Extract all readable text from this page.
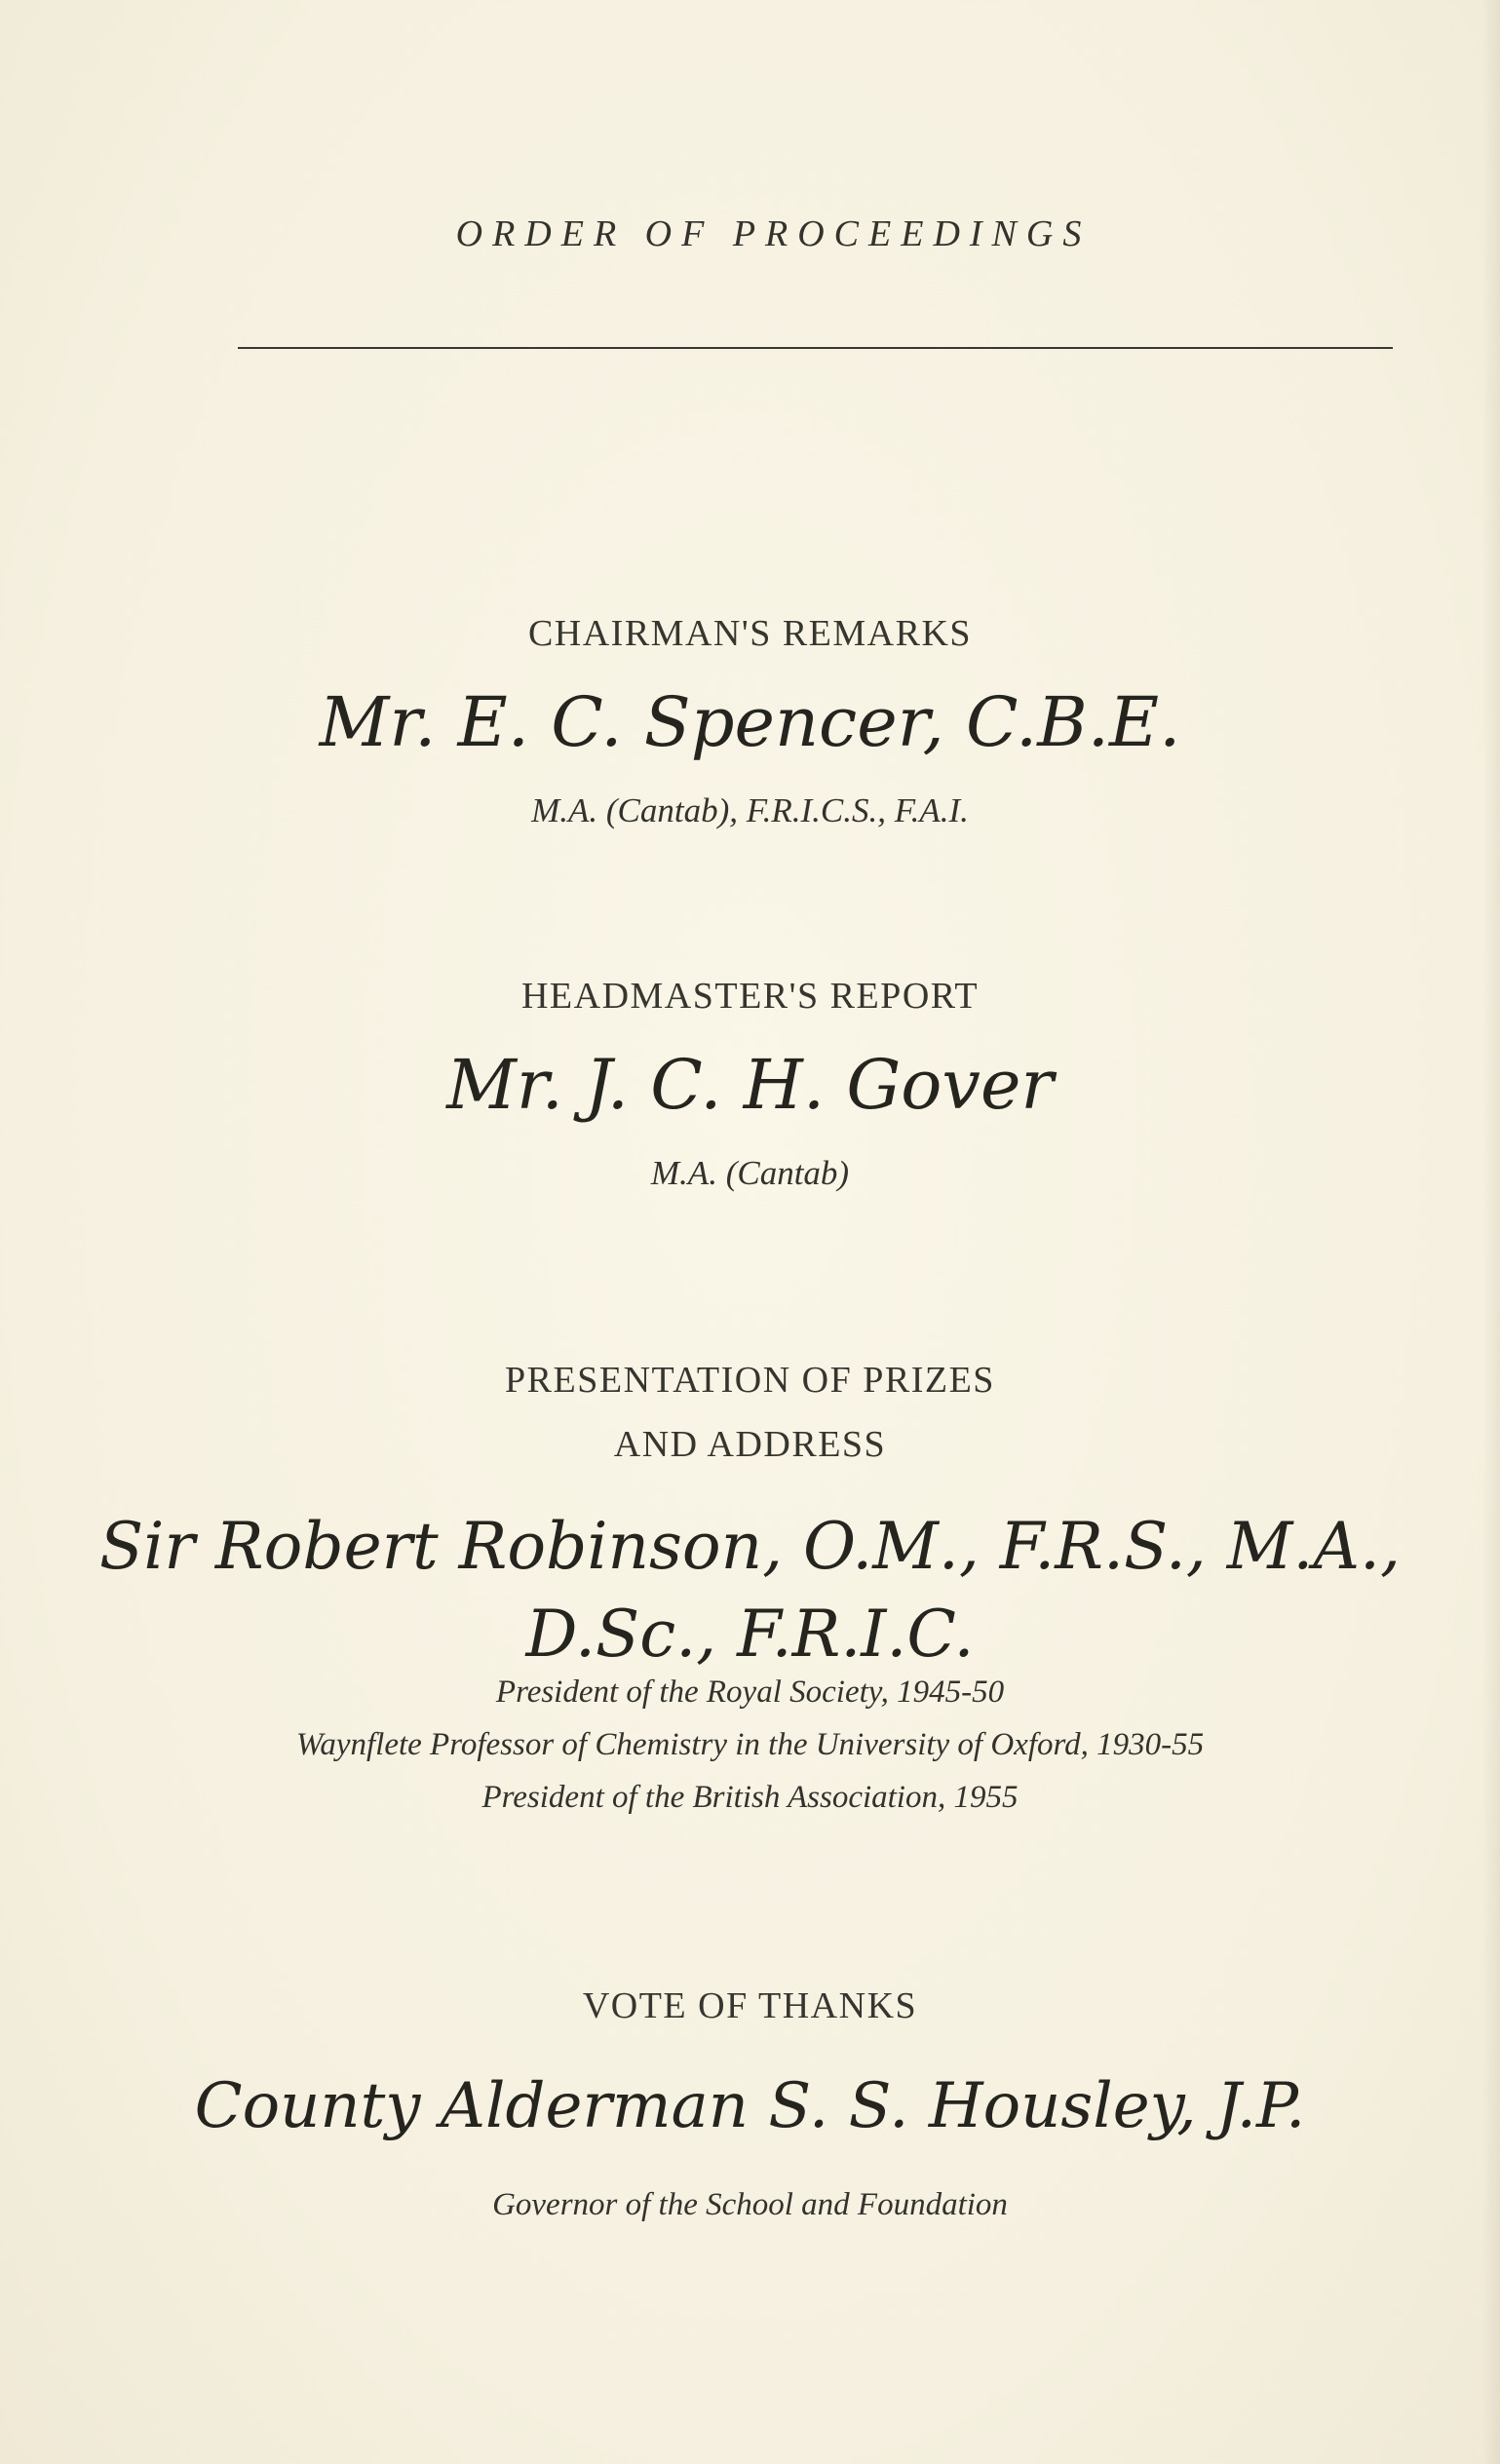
ORDER OF PROCEEDINGS
CHAIRMAN'S REMARKS
Mr. E. C. Spencer, C.B.E.
M.A. (Cantab), F.R.I.C.S., F.A.I.
HEADMASTER'S REPORT
Mr. J. C. H. Gover
M.A. (Cantab)
PRESENTATION OF PRIZES
AND ADDRESS
Sir Robert Robinson, O.M., F.R.S., M.A.,
D.Sc., F.R.I.C.
President of the Royal Society, 1945-50
Waynflete Professor of Chemistry in the University of Oxford, 1930-55
President of the British Association, 1955
VOTE OF THANKS
County Alderman S. S. Housley, J.P.
Governor of the School and Foundation
